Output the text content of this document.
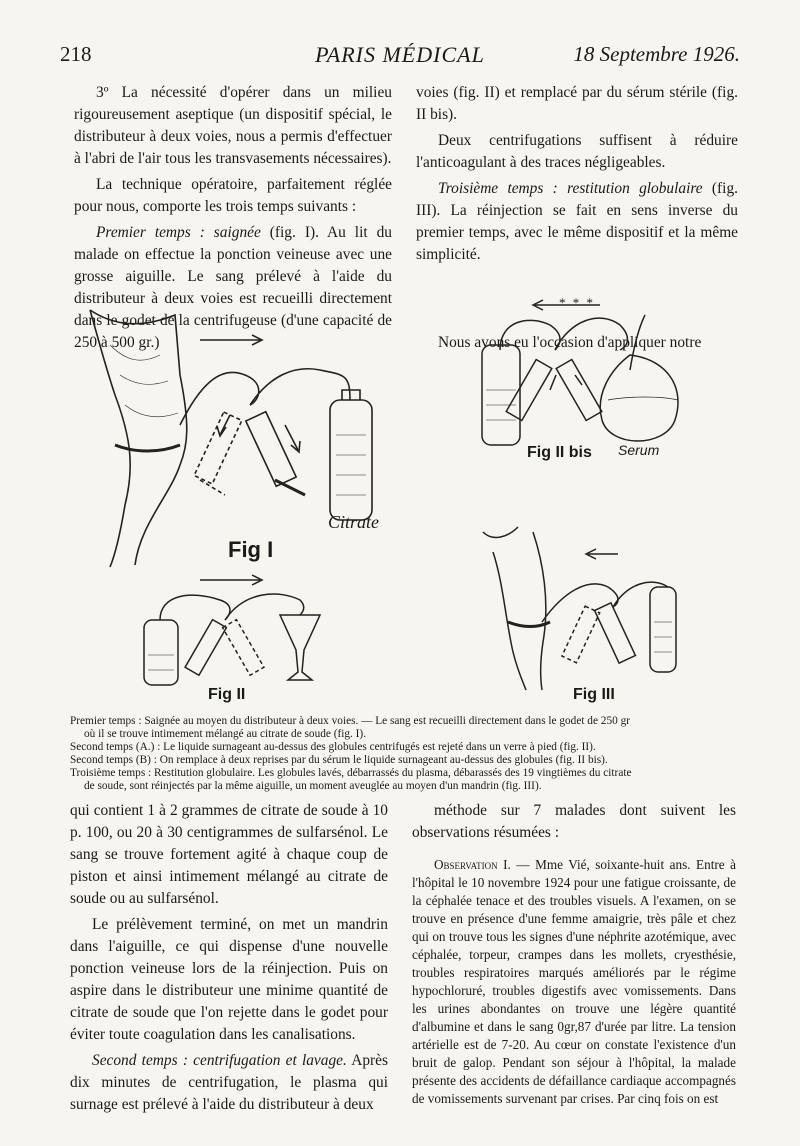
218	PARIS MÉDICAL	18 Septembre 1926.

3º La nécessité d'opérer dans un milieu rigoureusement aseptique (un dispositif spécial, le distributeur à deux voies, nous a permis d'effectuer à l'abri de l'air tous les transvasements nécessaires).

La technique opératoire, parfaitement réglée pour nous, comporte les trois temps suivants :

Premier temps : saignée (fig. I). Au lit du malade on effectue la ponction veineuse avec une grosse aiguille. Le sang prélevé à l'aide du distributeur à deux voies est recueilli directement dans le godet de la centrifugeuse (d'une capacité de 250 à 500 gr.)

voies (fig. II) et remplacé par du sérum stérile (fig. II bis).

Deux centrifugations suffisent à réduire l'anticoagulant à des traces négligeables.

Troisième temps : restitution globulaire (fig. III). La réinjection se fait en sens inverse du premier temps, avec le même dispositif et la même simplicité.

* * *

Nous avons eu l'occasion d'appliquer notre

Fig I
Citrate
Fig II bis Serum
Fig II	Fig III
Premier temps : Saignée au moyen du distributeur à deux voies. — Le sang est recueilli directement dans le godet de 250 gr
où il se trouve intimement mélangé au citrate de soude (fig. I).
Second temps (A.) : Le liquide surnageant au-dessus des globules centrifugés est rejeté dans un verre à pied (fig. II).
Second temps (B) : On remplace à deux reprises par du sérum le liquide surnageant au-dessus des globules (fig. II bis).
Troisième temps : Restitution globulaire. Les globules lavés, débarrassés du plasma, débarassés des 19 vingtièmes du citrate
de soude, sont réinjectés par la même aiguille, un moment aveuglée au moyen d'un mandrin (fig. III).

qui contient 1 à 2 grammes de citrate de soude à 10 p. 100, ou 20 à 30 centigrammes de sulfarsénol. Le sang se trouve fortement agité à chaque coup de piston et ainsi intimement mélangé au citrate de soude ou au sulfarsénol.

Le prélèvement terminé, on met un mandrin dans l'aiguille, ce qui dispense d'une nouvelle ponction veineuse lors de la réinjection. Puis on aspire dans le distributeur une minime quantité de citrate de soude que l'on rejette dans le godet pour éviter toute coagulation dans les canalisations.

Second temps : centrifugation et lavage. Après dix minutes de centrifugation, le plasma qui surnage est prélevé à l'aide du distributeur à deux

méthode sur 7 malades dont suivent les observations résumées :

Observation I. — Mme Vié, soixante-huit ans. Entre à l'hôpital le 10 novembre 1924 pour une fatigue croissante, de la céphalée tenace et des troubles visuels. A l'examen, on se trouve en présence d'une femme amaigrie, très pâle et chez qui on trouve tous les signes d'une néphrite azotémique, avec céphalée, torpeur, crampes dans les mollets, cryesthésie, troubles respiratoires marqués améliorés par le régime hypochloruré, troubles digestifs avec vomissements. Dans les urines abondantes on trouve une légère quantité d'albumine et dans le sang 0gr,87 d'urée par litre. La tension artérielle est de 7-20. Au cœur on constate l'existence d'un bruit de galop. Pendant son séjour à l'hôpital, la malade présente des accidents de défaillance cardiaque accompagnés de vomissements survenant par crises. Par cinq fois on est
